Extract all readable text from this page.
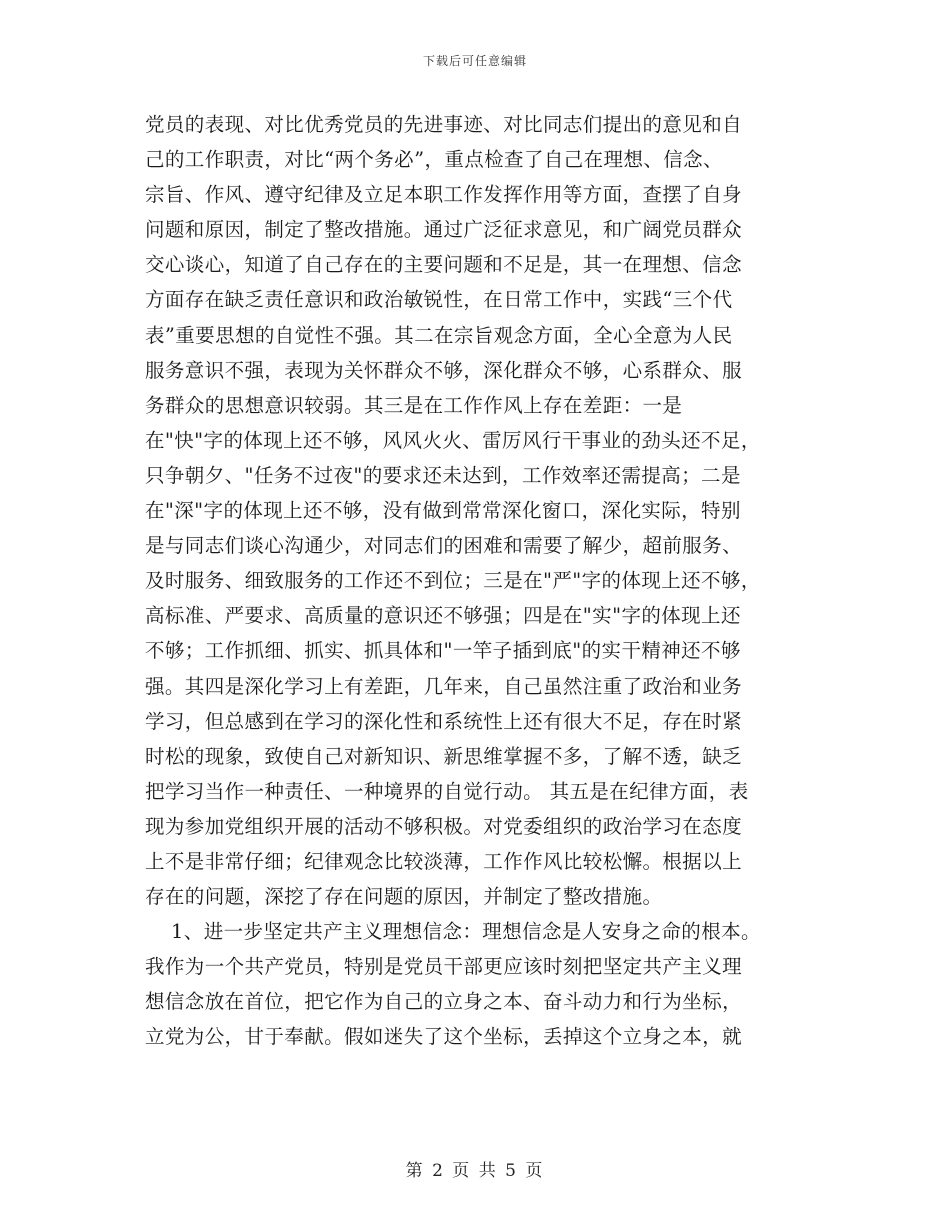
下载后可任意编辑
党员的表现、对比优秀党员的先进事迹、对比同志们提出的意见和自
己的工作职责，对比“两个务必”，重点检查了自己在理想、信念、
宗旨、作风、遵守纪律及立足本职工作发挥作用等方面，查摆了自身
问题和原因，制定了整改措施。通过广泛征求意见，和广阔党员群众
交心谈心，知道了自己存在的主要问题和不足是，其一在理想、信念
方面存在缺乏责任意识和政治敏锐性，在日常工作中，实践“三个代
表”重要思想的自觉性不强。其二在宗旨观念方面，全心全意为人民
服务意识不强，表现为关怀群众不够，深化群众不够，心系群众、服
务群众的思想意识较弱。其三是在工作作风上存在差距：一是
在"快"字的体现上还不够，风风火火、雷厉风行干事业的劲头还不足，
只争朝夕、"任务不过夜"的要求还未达到，工作效率还需提高；二是
在"深"字的体现上还不够，没有做到常常深化窗口，深化实际，特别
是与同志们谈心沟通少，对同志们的困难和需要了解少，超前服务、
及时服务、细致服务的工作还不到位；三是在"严"字的体现上还不够，
高标准、严要求、高质量的意识还不够强；四是在"实"字的体现上还
不够；工作抓细、抓实、抓具体和"一竿子插到底"的实干精神还不够
强。其四是深化学习上有差距，几年来，自己虽然注重了政治和业务
学习，但总感到在学习的深化性和系统性上还有很大不足，存在时紧
时松的现象，致使自己对新知识、新思维掌握不多，了解不透，缺乏
把学习当作一种责任、一种境界的自觉行动。 其五是在纪律方面，表
现为参加党组织开展的活动不够积极。对党委组织的政治学习在态度
上不是非常仔细；纪律观念比较淡薄，工作作风比较松懈。根据以上
存在的问题，深挖了存在问题的原因，并制定了整改措施。
1、进一步坚定共产主义理想信念：理想信念是人安身之命的根本。
我作为一个共产党员，特别是党员干部更应该时刻把坚定共产主义理
想信念放在首位，把它作为自己的立身之本、奋斗动力和行为坐标，
立党为公，甘于奉献。假如迷失了这个坐标，丢掉这个立身之本，就
第 2 页 共 5 页
